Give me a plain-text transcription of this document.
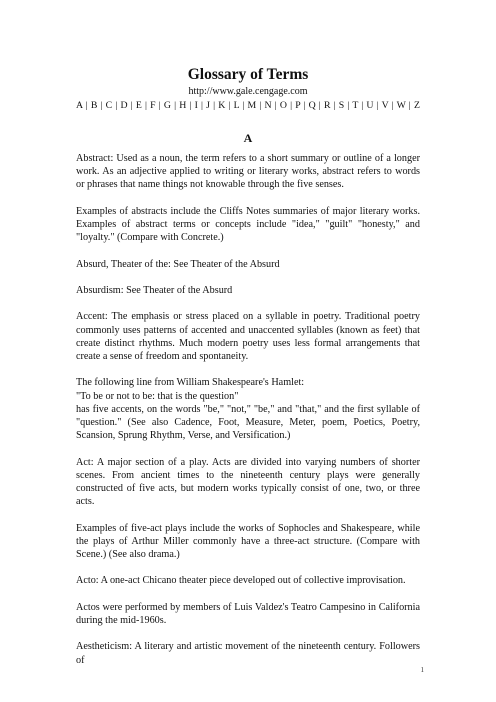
Glossary of Terms
http://www.gale.cengage.com
A | B | C | D | E | F | G | H | I | J | K | L | M | N | O | P | Q | R | S | T | U | V | W | Z
A

Abstract: Used as a noun, the term refers to a short summary or outline of a longer work. As an adjective applied to writing or literary works, abstract refers to words or phrases that name things not knowable through the five senses.

Examples of abstracts include the Cliffs Notes summaries of major literary works. Examples of abstract terms or concepts include "idea," "guilt" "honesty," and "loyalty." (Compare with Concrete.)

Absurd, Theater of the: See Theater of the Absurd

Absurdism: See Theater of the Absurd

Accent: The emphasis or stress placed on a syllable in poetry. Traditional poetry commonly uses patterns of accented and unaccented syllables (known as feet) that create distinct rhythms. Much modern poetry uses less formal arrangements that create a sense of freedom and spontaneity.

The following line from William Shakespeare's Hamlet:

"To be or not to be: that is the question"

has five accents, on the words "be," "not," "be," and "that," and the first syllable of "question." (See also Cadence, Foot, Measure, Meter, poem, Poetics, Poetry, Scansion, Sprung Rhythm, Verse, and Versification.)

Act: A major section of a play. Acts are divided into varying numbers of shorter scenes. From ancient times to the nineteenth century plays were generally constructed of five acts, but modern works typically consist of one, two, or three acts.

Examples of five-act plays include the works of Sophocles and Shakespeare, while the plays of Arthur Miller commonly have a three-act structure. (Compare with Scene.) (See also drama.)

Acto: A one-act Chicano theater piece developed out of collective improvisation.

Actos were performed by members of Luis Valdez's Teatro Campesino in California during the mid-1960s.

Aestheticism: A literary and artistic movement of the nineteenth century. Followers of

1
